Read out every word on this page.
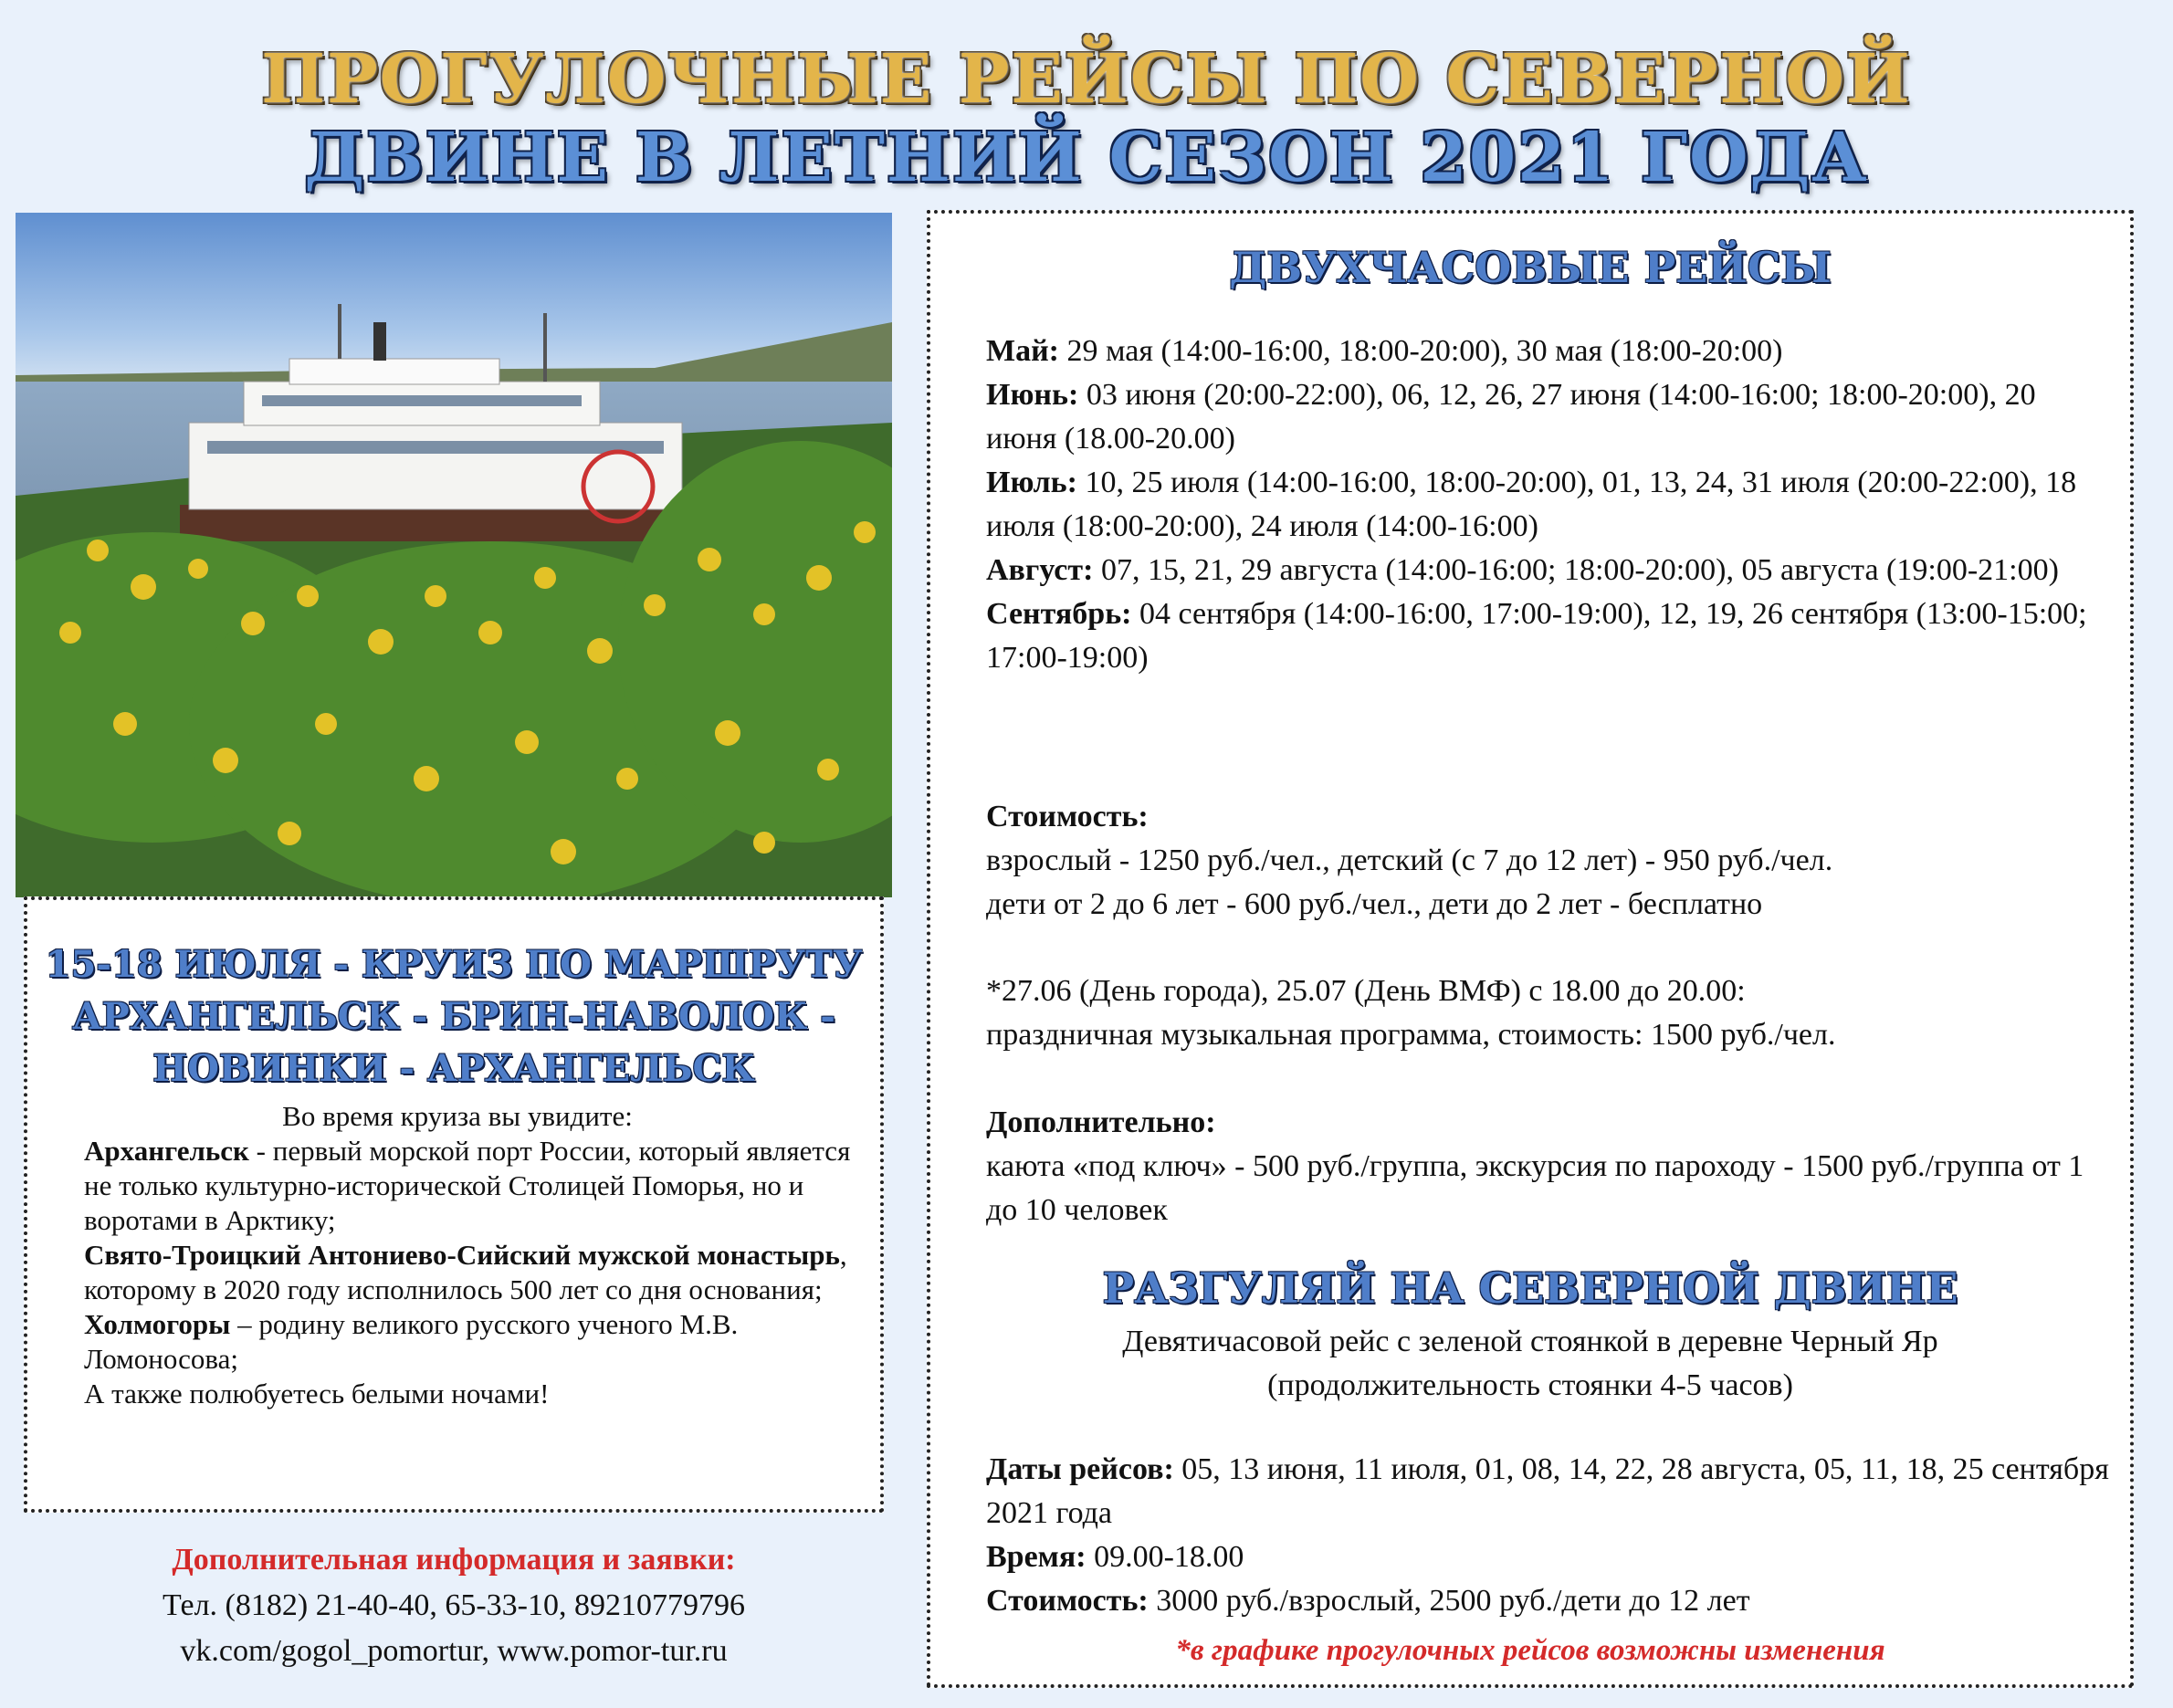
ПРОГУЛОЧНЫЕ РЕЙСЫ ПО СЕВЕРНОЙ
ДВИНЕ В ЛЕТНИЙ СЕЗОН 2021 ГОДА
15-18 ИЮЛЯ - КРУИЗ ПО МАРШРУТУ
АРХАНГЕЛЬСК - БРИН-НАВОЛОК -
НОВИНКИ - АРХАНГЕЛЬСК
Во время круиза вы увидите:
Архангельск - первый морской порт России, который является не только культурно-исторической Столицей Поморья, но и воротами в Арктику;
Свято-Троицкий Антониево-Сийский мужской монастырь, которому в 2020 году исполнилось 500 лет со дня основания;
Холмогоры – родину великого русского ученого М.В. Ломоносова;
А также полюбуетесь белыми ночами!
Дополнительная информация и заявки:
Тел. (8182) 21-40-40, 65-33-10, 89210779796
vk.com/gogol_pomortur, www.pomor-tur.ru
ДВУХЧАСОВЫЕ РЕЙСЫ
Май: 29 мая (14:00-16:00, 18:00-20:00), 30 мая (18:00-20:00)
Июнь: 03 июня (20:00-22:00), 06, 12, 26, 27 июня (14:00-16:00; 18:00-20:00), 20 июня (18.00-20.00)
Июль: 10, 25 июля (14:00-16:00, 18:00-20:00), 01, 13, 24, 31 июля (20:00-22:00), 18 июля (18:00-20:00), 24 июля (14:00-16:00)
Август: 07, 15, 21, 29 августа (14:00-16:00; 18:00-20:00), 05 августа (19:00-21:00)
Сентябрь: 04 сентября (14:00-16:00, 17:00-19:00), 12, 19, 26 сентября (13:00-15:00; 17:00-19:00)
Стоимость:
взрослый - 1250 руб./чел., детский (с 7 до 12 лет) - 950 руб./чел.
дети от 2 до 6 лет - 600 руб./чел., дети до 2 лет - бесплатно
*27.06 (День города), 25.07 (День ВМФ) с 18.00 до 20.00:
праздничная музыкальная программа, стоимость: 1500 руб./чел.
Дополнительно:
каюта «под ключ» - 500 руб./группа, экскурсия по пароходу - 1500 руб./группа от 1 до 10 человек
РАЗГУЛЯЙ НА СЕВЕРНОЙ ДВИНЕ
Девятичасовой рейс с зеленой стоянкой в деревне Черный Яр
(продолжительность стоянки 4-5 часов)
Даты рейсов: 05, 13 июня, 11 июля, 01, 08, 14, 22, 28 августа, 05, 11, 18, 25 сентября 2021 года
Время: 09.00-18.00
Стоимость: 3000 руб./взрослый, 2500 руб./дети до 12 лет
*в графике прогулочных рейсов возможны изменения
